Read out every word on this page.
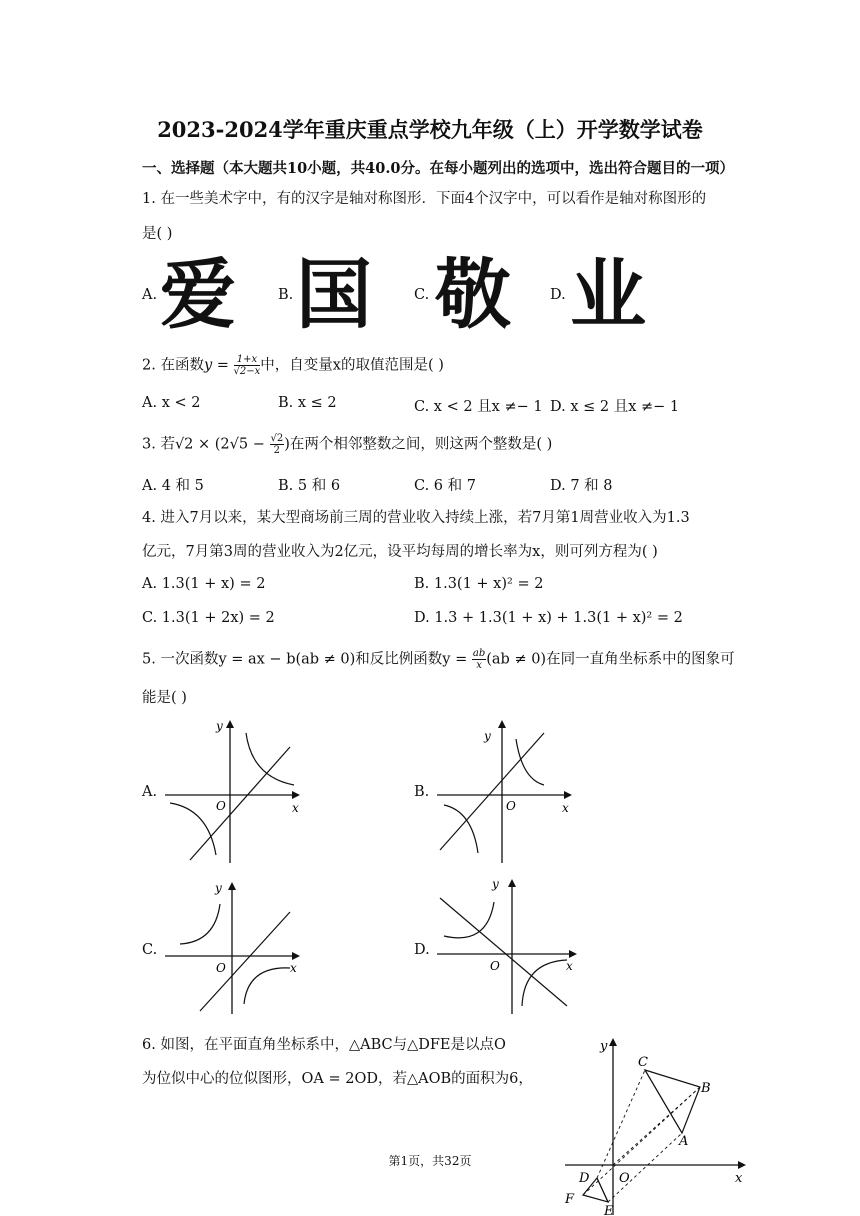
2023-2024学年重庆重点学校九年级（上）开学数学试卷
一、选择题（本大题共10小题，共40.0分。在每小题列出的选项中，选出符合题目的一项）
1. 在一些美术字中，有的汉字是轴对称图形．下面4个汉字中，可以看作是轴对称图形的
是( )
A. 爱	B. 国	C. 敬	D. 业
2. 在函数$y = \frac{1+x}{√2-x}$ 中，自变量x的取值范围是( )
A. x < 2	B. x ≤ 2	C. x < 2 且x ≠− 1 D. x ≤ 2 且x ≠− 1
3. 若$√2 \times (2√5 - \frac{√2}{2}$ )在两个相邻整数之间，则这两个整数是( )
A. 4 和 5	B. 5 和 6	C. 6 和 7	D. 7 和 8
4. 进入7月以来，某大型商场前三周的营业收入持续上涨，若7月第1周营业收入为1.3
亿元，7月第3周的营业收入为2亿元，设平均每周的增长率为x，则可列方程为( )
A. 1.3(1 + x) = 2	B. 1.3(1 + x)² = 2
C. 1.3(1 + 2x) = 2	D. 1.3 + 1.3(1 + x) + 1.3(1 + x)² = 2
5. 一次函数y = ax − b(ab ≠ 0)和反比例函数$y = \frac{ab}{x} (ab \ne 0)$在同一直角坐标系中的图象可
能是( )
A.	B.
C.	D.
y
x
O
y
x
O
y
x
O
y
x
O
6. 如图，在平面直角坐标系中，△ABC与△DFE是以点O
为位似中心的位似图形，OA = 2OD，若△AOB的面积为6，
y
x
O
A
B
C
D
E
F
第1页，共32页
